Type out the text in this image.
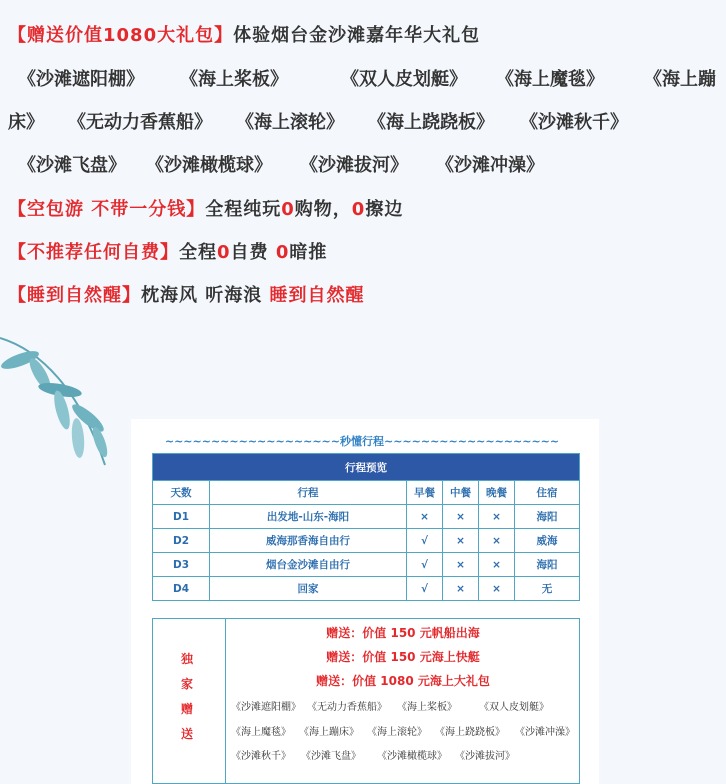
【赠送价值1080大礼包】体验烟台金沙滩嘉年华大礼包
《沙滩遮阳棚》 《海上桨板》	《双人皮划艇》 《海上魔毯》 《海上蹦
床》 《无动力香蕉船》 《海上滚轮》 《海上跷跷板》 《沙滩秋千》
《沙滩飞盘》 《沙滩橄榄球》 《沙滩拔河》 《沙滩冲澡》
【空包游 不带一分钱】全程纯玩0购物，0擦边
【不推荐任何自费】全程0自费 0暗推
【睡到自然醒】枕海风 听海浪 睡到自然醒
~~~~~~~~~~~~~~~~~~~秒懂行程~~~~~~~~~~~~~~~~~~~
行程预览					
天数	行程	早餐	中餐	晚餐	住宿
D1	出发地-山东-海阳	×	×	×	海阳
D2	威海那香海自由行	√	×	×	威海
D3	烟台金沙滩自由行	√	×	×	海阳
D4	回家	√	×	×	无
独
家
赠
送
赠送：价值 150 元帆船出海
赠送：价值 150 元海上快艇
赠送：价值 1080 元海上大礼包
《沙滩遮阳棚》 《无动力香蕉船》 《海上桨板》 《双人皮划艇》
《海上魔毯》 《海上蹦床》 《海上滚轮》 《海上跷跷板》 《沙滩冲澡》
《沙滩秋千》 《沙滩飞盘》 《沙滩橄榄球》 《沙滩拔河》
